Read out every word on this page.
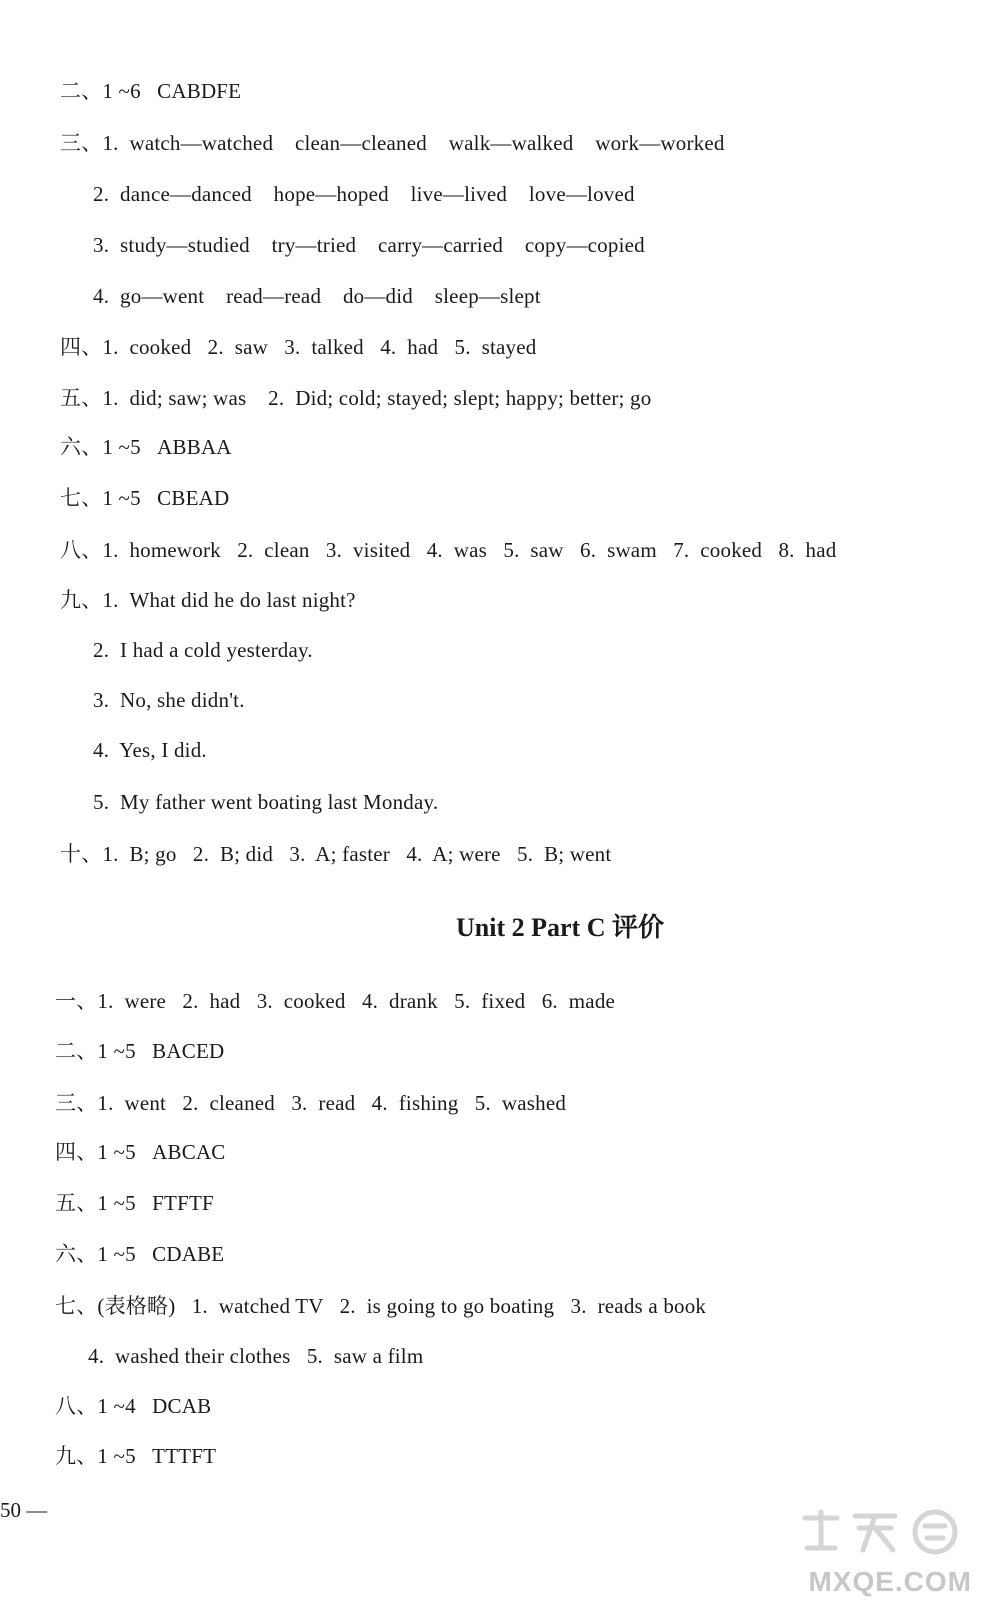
二、1 ~6   CABDFE
三、1.  watch—watched    clean—cleaned    walk—walked    work—worked
2.  dance—danced    hope—hoped    live—lived    love—loved
3.  study—studied    try—tried    carry—carried    copy—copied
4.  go—went    read—read    do—did    sleep—slept
四、1.  cooked   2.  saw   3.  talked   4.  had   5.  stayed
五、1.  did; saw; was    2.  Did; cold; stayed; slept; happy; better; go
六、1 ~5   ABBAA
七、1 ~5   CBEAD
八、1.  homework   2.  clean   3.  visited   4.  was   5.  saw   6.  swam   7.  cooked   8.  had
九、1.  What did he do last night?
2.  I had a cold yesterday.
3.  No, she didn't.
4.  Yes, I did.
5.  My father went boating last Monday.
十、1.  B; go   2.  B; did   3.  A; faster   4.  A; were   5.  B; went
Unit 2 Part C 评价
一、1.  were   2.  had   3.  cooked   4.  drank   5.  fixed   6.  made
二、1 ~5   BACED
三、1.  went   2.  cleaned   3.  read   4.  fishing   5.  washed
四、1 ~5   ABCAC
五、1 ~5   FTFTF
六、1 ~5   CDABE
七、(表格略)   1.  watched TV   2.  is going to go boating   3.  reads a book
4.  washed their clothes   5.  saw a film
八、1 ~4   DCAB
九、1 ~5   TTTFT
50 —
MXQE.COM
